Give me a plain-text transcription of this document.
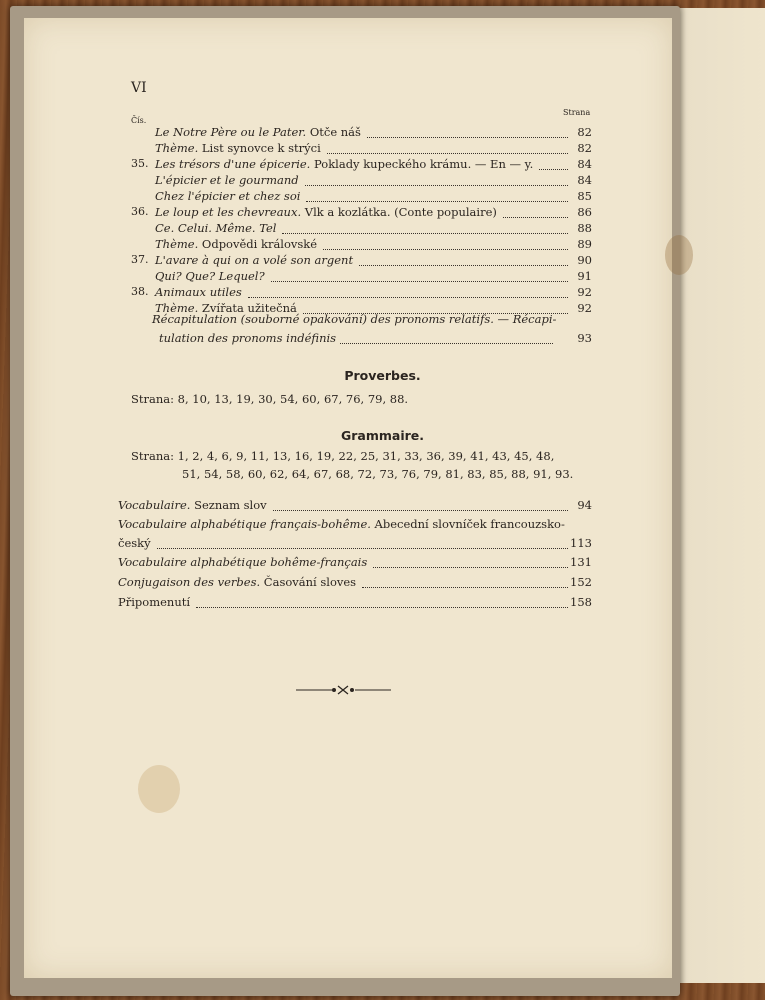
VI
Strana
Čís.
Le Notre Père ou le Pater. Otče náš	82
Thème. List synovce k strýci	82
35. Les trésors d'une épicerie. Poklady kupeckého krámu. — En — y.	84
L'épicier et le gourmand	84
Chez l'épicier et chez soi	85
36. Le loup et les chevreaux. Vlk a kozlátka. (Conte populaire)	86
Ce. Celui. Même. Tel	88
Thème. Odpovědi královské	89
37. L'avare à qui on a volé son argent	90
Qui? Que? Lequel?	91
38. Animaux utiles	92
Thème. Zvířata užitečná	92
Récapitulation (souborné opakování) des pronoms relatifs. — Récapi-
tulation des pronoms indéfinis	93
Proverbes.
Strana: 8, 10, 13, 19, 30, 54, 60, 67, 76, 79, 88.
Grammaire.
Strana: 1, 2, 4, 6, 9, 11, 13, 16, 19, 22, 25, 31, 33, 36, 39, 41, 43, 45, 48,
51, 54, 58, 60, 62, 64, 67, 68, 72, 73, 76, 79, 81, 83, 85, 88, 91, 93.
Vocabulaire. Seznam slov	94
Vocabulaire alphabétique français-bohême. Abecední slovníček francouzsko-
český	113
Vocabulaire alphabétique bohême-français	131
Conjugaison des verbes. Časování sloves	152
Připomenutí	158
